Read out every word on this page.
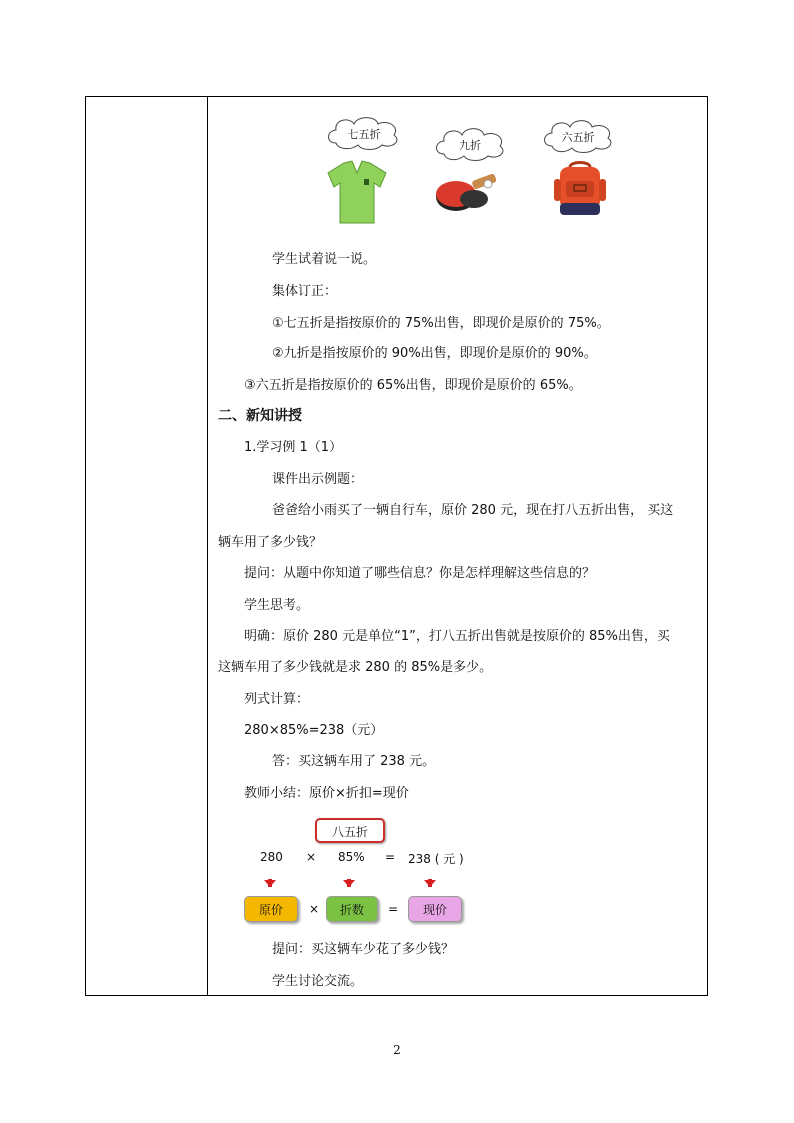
七五折
九折
六五折
学生试着说一说。
集体订正：
①七五折是指按原价的 75%出售，即现价是原价的 75%。
②九折是指按原价的 90%出售，即现价是原价的 90%。
③六五折是指按原价的 65%出售，即现价是原价的 65%。
二、新知讲授
1.学习例 1（1）
课件出示例题：
爸爸给小雨买了一辆自行车，原价 280 元，现在打八五折出售， 买这
辆车用了多少钱？
提问：从题中你知道了哪些信息？你是怎样理解这些信息的？
学生思考。
明确：原价 280 元是单位“1”，打八五折出售就是按原价的 85%出售，买
这辆车用了多少钱就是求 280 的 85%是多少。
列式计算：
280×85%=238（元）
答：买这辆车用了 238 元。
教师小结：原价×折扣=现价
八五折
280 × 85% = 238 ( 元 )
原价	×	折数	=	现价
提问：买这辆车少花了多少钱？
学生讨论交流。
2
